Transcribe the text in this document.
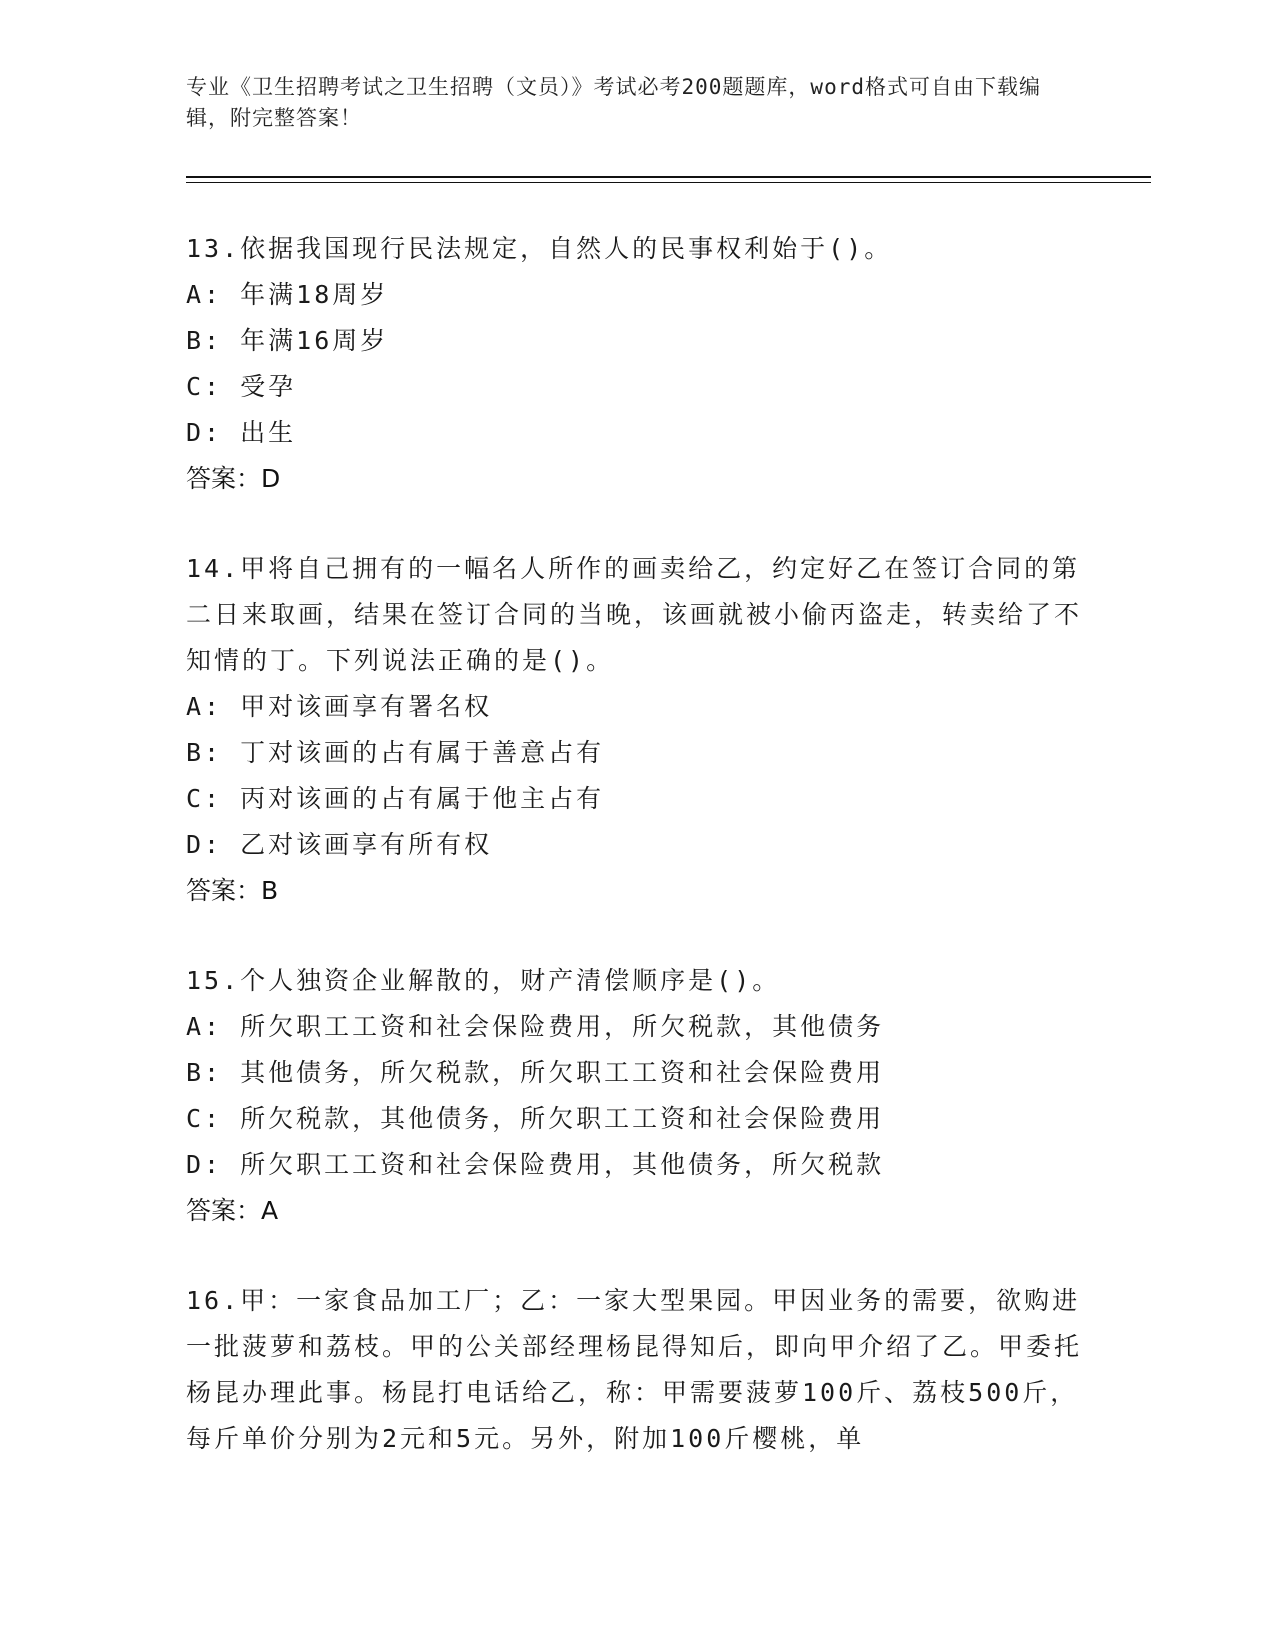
专业《卫生招聘考试之卫生招聘（文员）》考试必考200题题库，word格式可自由下载编辑，附完整答案！
13.依据我国现行民法规定，自然人的民事权利始于()。
A: 年满18周岁
B: 年满16周岁
C: 受孕
D: 出生
答案：D
14.甲将自己拥有的一幅名人所作的画卖给乙，约定好乙在签订合同的第二日来取画，结果在签订合同的当晚，该画就被小偷丙盗走，转卖给了不知情的丁。下列说法正确的是()。
A: 甲对该画享有署名权
B: 丁对该画的占有属于善意占有
C: 丙对该画的占有属于他主占有
D: 乙对该画享有所有权
答案：B
15.个人独资企业解散的，财产清偿顺序是()。
A: 所欠职工工资和社会保险费用，所欠税款，其他债务
B: 其他债务，所欠税款，所欠职工工资和社会保险费用
C: 所欠税款，其他债务，所欠职工工资和社会保险费用
D: 所欠职工工资和社会保险费用，其他债务，所欠税款
答案：A
16.甲：一家食品加工厂；乙：一家大型果园。甲因业务的需要，欲购进一批菠萝和荔枝。甲的公关部经理杨昆得知后，即向甲介绍了乙。甲委托杨昆办理此事。杨昆打电话给乙，称：甲需要菠萝100斤、荔枝500斤，每斤单价分别为2元和5元。另外，附加100斤樱桃，单
